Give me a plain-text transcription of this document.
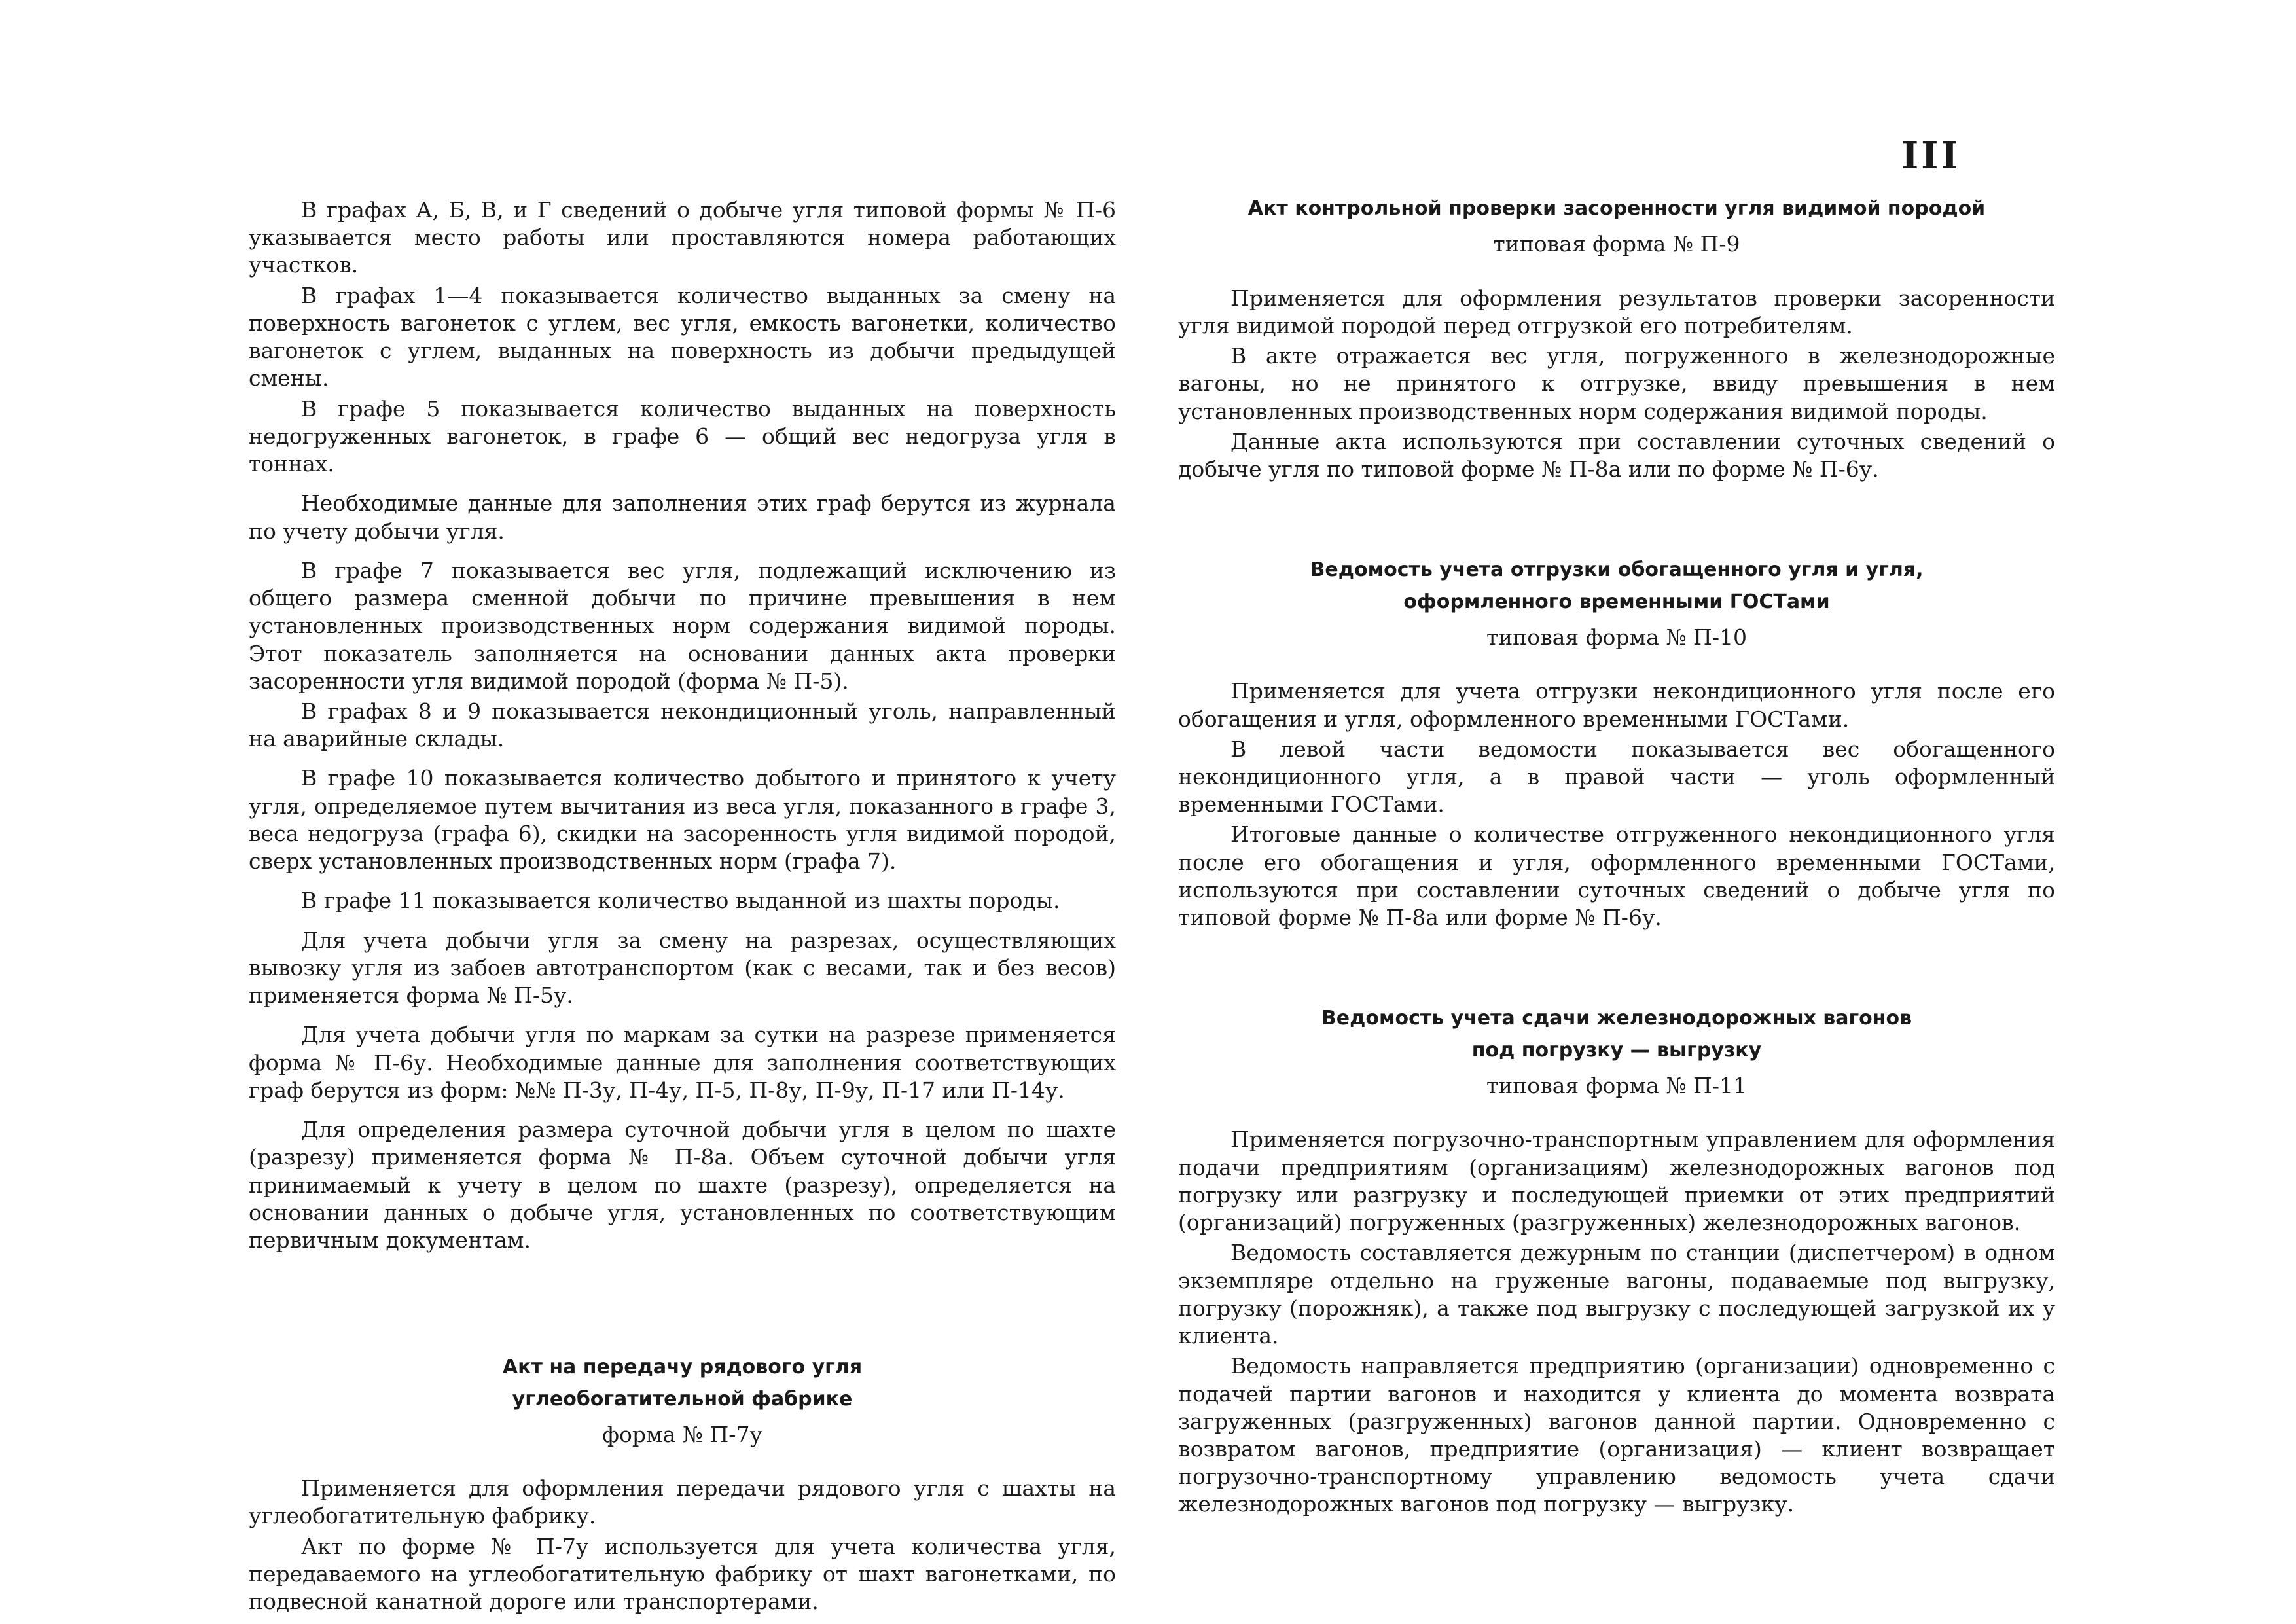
III

В графах А, Б, В, и Г сведений о добыче угля типовой формы № П-6 указывается место работы или проставляются номера работающих участков.

В графах 1—4 показывается количество выданных за смену на поверхность вагонеток с углем, вес угля, емкость вагонетки, количество вагонеток с углем, выданных на поверхность из добычи предыдущей смены.

В графе 5 показывается количество выданных на поверхность недогруженных вагонеток, в графе 6 — общий вес недогруза угля в тоннах.

Необходимые данные для заполнения этих граф берутся из журнала по учету добычи угля.

В графе 7 показывается вес угля, подлежащий исключению из общего размера сменной добычи по причине превышения в нем установленных производственных норм содержания видимой породы. Этот показатель заполняется на основании данных акта проверки засоренности угля видимой породой (форма № П-5).

В графах 8 и 9 показывается некондиционный уголь, направленный на аварийные склады.

В графе 10 показывается количество добытого и принятого к учету угля, определяемое путем вычитания из веса угля, показанного в графе 3, веса недогруза (графа 6), скидки на засоренность угля видимой породой, сверх установленных производственных норм (графа 7).

В графе 11 показывается количество выданной из шахты породы.

Для учета добычи угля за смену на разрезах, осуществляющих вывозку угля из забоев автотранспортом (как с весами, так и без весов) применяется форма № П-5у.

Для учета добычи угля по маркам за сутки на разрезе применяется форма № П-6у. Необходимые данные для заполнения соответствующих граф берутся из форм: №№ П-3у, П-4у, П-5, П-8у, П-9у, П-17 или П-14у.

Для определения размера суточной добычи угля в целом по шахте (разрезу) применяется форма № П-8а. Объем суточной добычи угля принимаемый к учету в целом по шахте (разрезу), определяется на основании данных о добыче угля, установленных по соответствующим первичным документам.

Акт на передачу рядового угля
углеобогатительной фабрике
форма № П-7у

Применяется для оформления передачи рядового угля с шахты на углеобогатительную фабрику.

Акт по форме № П-7у используется для учета количества угля, передаваемого на углеобогатительную фабрику от шахт вагонетками, по подвесной канатной дороге или транспортерами.

Акт контрольной проверки засоренности угля видимой породой
типовая форма № П-9

Применяется для оформления результатов проверки засоренности угля видимой породой перед отгрузкой его потребителям.

В акте отражается вес угля, погруженного в железнодорожные вагоны, но не принятого к отгрузке, ввиду превышения в нем установленных производственных норм содержания видимой породы.

Данные акта используются при составлении суточных сведений о добыче угля по типовой форме № П-8а или по форме № П-6у.

Ведомость учета отгрузки обогащенного угля и угля,
оформленного временными ГОСТами
типовая форма № П-10

Применяется для учета отгрузки некондиционного угля после его обогащения и угля, оформленного временными ГОСТами.

В левой части ведомости показывается вес обогащенного некондиционного угля, а в правой части — уголь оформленный временными ГОСТами.

Итоговые данные о количестве отгруженного некондиционного угля после его обогащения и угля, оформленного временными ГОСТами, используются при составлении суточных сведений о добыче угля по типовой форме № П-8а или форме № П-6у.

Ведомость учета сдачи железнодорожных вагонов
под погрузку — выгрузку
типовая форма № П-11

Применяется погрузочно-транспортным управлением для оформления подачи предприятиям (организациям) железнодорожных вагонов под погрузку или разгрузку и последующей приемки от этих предприятий (организаций) погруженных (разгруженных) железнодорожных вагонов.

Ведомость составляется дежурным по станции (диспетчером) в одном экземпляре отдельно на груженые вагоны, подаваемые под выгрузку, погрузку (порожняк), а также под выгрузку с последующей загрузкой их у клиента.

Ведомость направляется предприятию (организации) одновременно с подачей партии вагонов и находится у клиента до момента возврата загруженных (разгруженных) вагонов данной партии. Одновременно с возвратом вагонов, предприятие (организация) — клиент возвращает погрузочно-транспортному управлению ведомость учета сдачи железнодорожных вагонов под погрузку — выгрузку.
